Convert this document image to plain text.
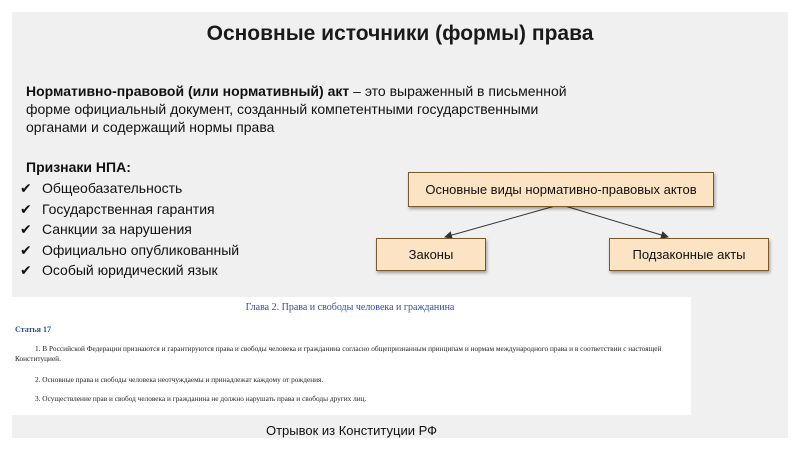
Основные источники (формы) права
Нормативно-правовой (или нормативный) акт – это выраженный в письменной форме официальный документ, созданный компетентными государственными органами и содержащий нормы права
Признаки НПА:
✔ Общеобазательность
✔ Государственная гарантия
✔ Санкции за нарушения
✔ Официально опубликованный
✔ Особый юридический язык
Основные виды нормативно-правовых актов
Законы	Подзаконные акты
Глава 2. Права и свободы человека и гражданина
Статья 17
1. В Российской Федерации признаются и гарантируются права и свободы человека и гражданина согласно общепризнанным принципам и нормам международного права и в соответствии с настоящей Конституцией.
2. Основные права и свободы человека неотчуждаемы и принадлежат каждому от рождения.
3. Осуществление прав и свобод человека и гражданина не должно нарушать права и свободы других лиц.
Отрывок из Конституции РФ
